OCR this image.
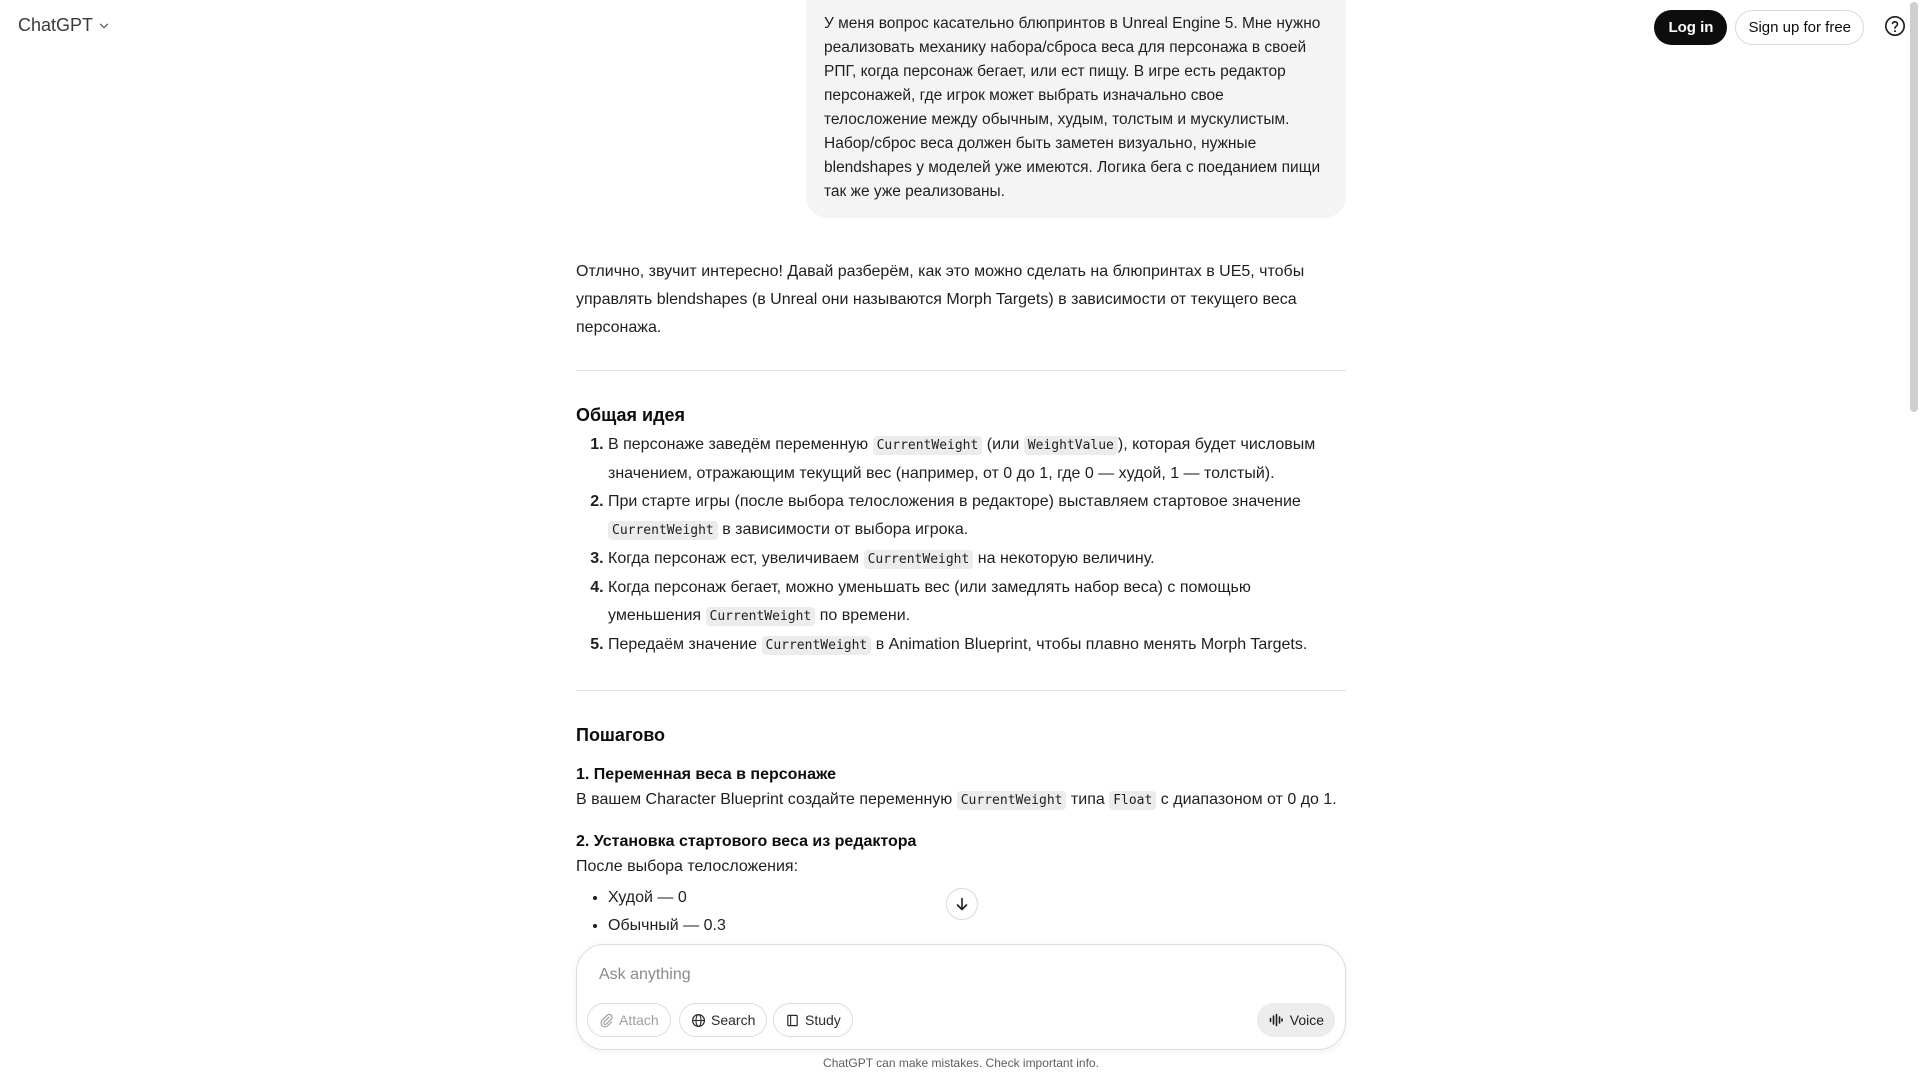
ChatGPT	Log in	Sign up for free
У меня вопрос касательно блюпринтов в Unreal Engine 5. Мне нужно реализовать механику набора/сброса веса для персонажа в своей РПГ, когда персонаж бегает, или ест пищу. В игре есть редактор персонажей, где игрок может выбрать изначально свое телосложение между обычным, худым, толстым и мускулистым. Набор/сброс веса должен быть заметен визуально, нужные blendshapes у моделей уже имеются. Логика бега с поеданием пищи так же уже реализованы.

Отлично, звучит интересно! Давай разберём, как это можно сделать на блюпринтах в UE5, чтобы управлять blendshapes (в Unreal они называются Morph Targets) в зависимости от текущего веса персонажа.

Общая идея
1. В персонаже заведём переменную CurrentWeight (или WeightValue ), которая будет числовым значением, отражающим текущий вес (например, от 0 до 1, где 0 — худой, 1 — толстый).
2. При старте игры (после выбора телосложения в редакторе) выставляем стартовое значение CurrentWeight в зависимости от выбора игрока.
3. Когда персонаж ест, увеличиваем CurrentWeight на некоторую величину.
4. Когда персонаж бегает, можно уменьшать вес (или замедлять набор веса) с помощью уменьшения CurrentWeight по времени.
5. Передаём значение CurrentWeight в Animation Blueprint, чтобы плавно менять Morph Targets.
Пошагово
1. Переменная веса в персонаже

В вашем Character Blueprint создайте переменную CurrentWeight типа Float с диапазоном от 0 до 1.

2. Установка стартового веса из редактора

После выбора телосложения:

• Худой — 0
• Обычный — 0.3
Ask anything
Attach	Search	Study	Voice
ChatGPT can make mistakes. Check important info.
